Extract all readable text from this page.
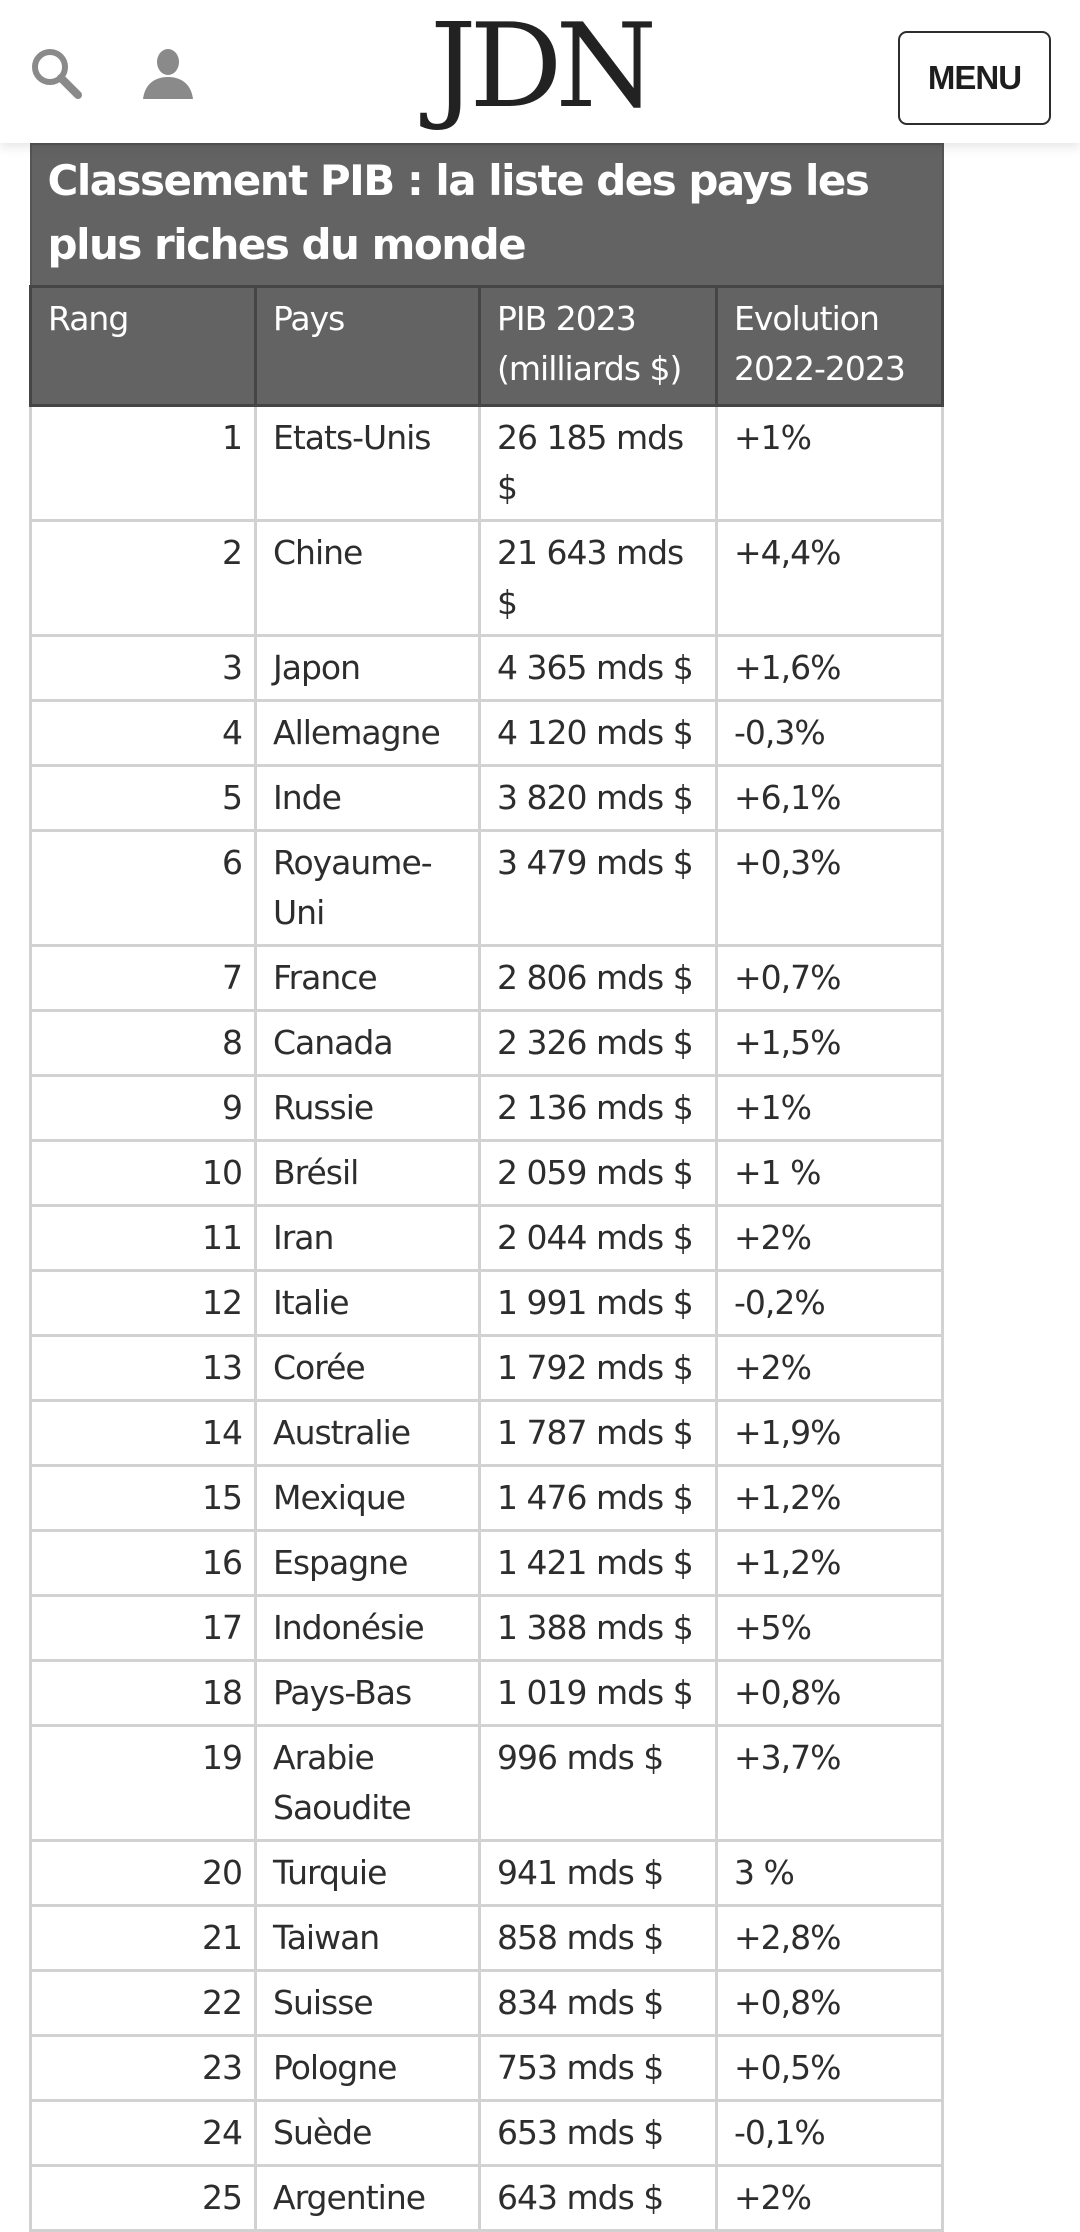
JDN	MENU
Classement PIB : la liste des pays les plus riches du monde			
Rang	Pays	PIB 2023 (milliards $)	Evolution 2022-2023
1	Etats-Unis	26 185 mds $	+1%
2	Chine	21 643 mds $	+4,4%
3	Japon	4 365 mds $	+1,6%
4	Allemagne	4 120 mds $	-0,3%
5	Inde	3 820 mds $	+6,1%
6	Royaume-Uni	3 479 mds $	+0,3%
7	France	2 806 mds $	+0,7%
8	Canada	2 326 mds $	+1,5%
9	Russie	2 136 mds $	+1%
10	Brésil	2 059 mds $	+1 %
11	Iran	2 044 mds $	+2%
12	Italie	1 991 mds $	-0,2%
13	Corée	1 792 mds $	+2%
14	Australie	1 787 mds $	+1,9%
15	Mexique	1 476 mds $	+1,2%
16	Espagne	1 421 mds $	+1,2%
17	Indonésie	1 388 mds $	+5%
18	Pays-Bas	1 019 mds $	+0,8%
19	Arabie Saoudite	996 mds $	+3,7%
20	Turquie	941 mds $	3 %
21	Taiwan	858 mds $	+2,8%
22	Suisse	834 mds $	+0,8%
23	Pologne	753 mds $	+0,5%
24	Suède	653 mds $	-0,1%
25	Argentine	643 mds $	+2%
